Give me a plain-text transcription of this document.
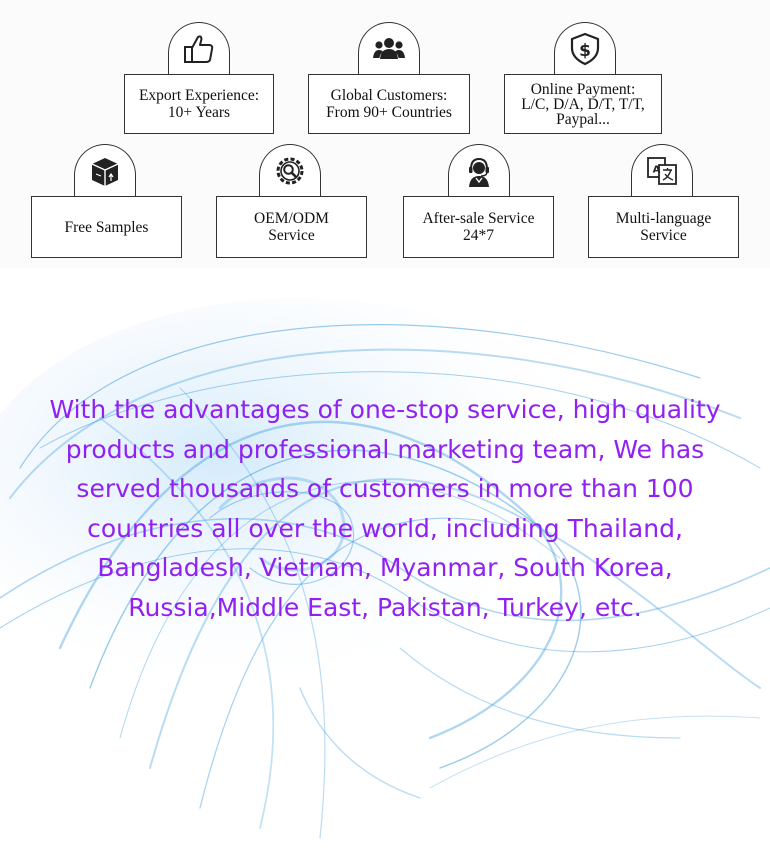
Export Experience:
10+ Years
Global Customers:
From 90+ Countries
$
Online Payment:
L/C, D/A, D/T, T/T,
Paypal...
Free Samples	OEM/ODM
Service
After-sale Service
24*7
A
Multi-language
Service

With the advantages of one-stop service, high quality products and professional marketing team, We has served thousands of customers in more than 100 countries all over the world, including Thailand, Bangladesh, Vietnam, Myanmar, South Korea, Russia,Middle East, Pakistan, Turkey, etc.
